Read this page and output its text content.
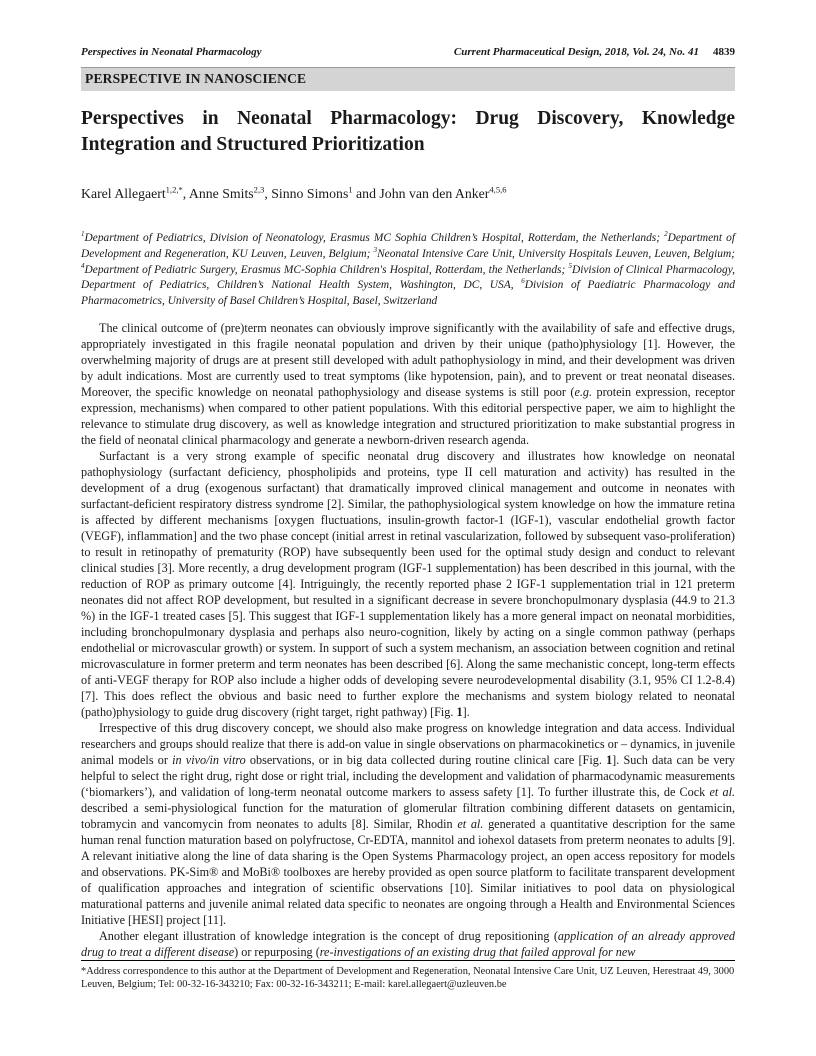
Perspectives in Neonatal Pharmacology	Current Pharmaceutical Design, 2018, Vol. 24, No. 41 4839
PERSPECTIVE IN NANOSCIENCE
Perspectives in Neonatal Pharmacology: Drug Discovery, Knowledge Integration and Structured Prioritization
Karel Allegaert$^{1,2,*}$, Anne Smits$^{2,3}$, Sinno Simons$^1$ and John van den Anker$^{4,5,6}$
$^1$Department of Pediatrics, Division of Neonatology, Erasmus MC Sophia Children’s Hospital, Rotterdam, the Netherlands; $^2$Department of Development and Regeneration, KU Leuven, Leuven, Belgium; $^3$Neonatal Intensive Care Unit, University Hospitals Leuven, Leuven, Belgium; $^4$Department of Pediatric Surgery, Erasmus MC-Sophia Children's Hospital, Rotterdam, the Netherlands; $^5$Division of Clinical Pharmacology, Department of Pediatrics, Children’s National Health System, Washington, DC, USA, $^6$Division of Paediatric Pharmacology and Pharmacometrics, University of Basel Children’s Hospital, Basel, Switzerland

The clinical outcome of (pre)term neonates can obviously improve significantly with the availability of safe and effective drugs, appropriately investigated in this fragile neonatal population and driven by their unique (patho)physiology [1]. However, the overwhelming majority of drugs are at present still developed with adult pathophysiology in mind, and their development was driven by adult indications. Most are currently used to treat symptoms (like hypotension, pain), and to prevent or treat neonatal diseases. Moreover, the specific knowledge on neonatal pathophysiology and disease systems is still poor (e.g. protein expression, receptor expression, mechanisms) when compared to other patient populations. With this editorial perspective paper, we aim to highlight the relevance to stimulate drug discovery, as well as knowledge integration and structured prioritization to make substantial progress in the field of neonatal clinical pharmacology and generate a newborn-driven research agenda.

Surfactant is a very strong example of specific neonatal drug discovery and illustrates how knowledge on neonatal pathophysiology (surfactant deficiency, phospholipids and proteins, type II cell maturation and activity) has resulted in the development of a drug (exogenous surfactant) that dramatically improved clinical management and outcome in neonates with surfactant-deficient respiratory distress syndrome [2]. Similar, the pathophysiological system knowledge on how the immature retina is affected by different mechanisms [oxygen fluctuations, insulin-growth factor-1 (IGF-1), vascular endothelial growth factor (VEGF), inflammation] and the two phase concept (initial arrest in retinal vascularization, followed by subsequent vaso-proliferation) to result in retinopathy of prematurity (ROP) have subsequently been used for the optimal study design and conduct to relevant clinical studies [3]. More recently, a drug development program (IGF-1 supplementation) has been described in this journal, with the reduction of ROP as primary outcome [4]. Intriguingly, the recently reported phase 2 IGF-1 supplementation trial in 121 preterm neonates did not affect ROP development, but resulted in a significant decrease in severe bronchopulmonary dysplasia (44.9 to 21.3 %) in the IGF-1 treated cases [5]. This suggest that IGF-1 supplementation likely has a more general impact on neonatal morbidities, including bronchopulmonary dysplasia and perhaps also neuro-cognition, likely by acting on a single common pathway (perhaps endothelial or microvascular growth) or system. In support of such a system mechanism, an association between cognition and retinal microvasculature in former preterm and term neonates has been described [6]. Along the same mechanistic concept, long-term effects of anti-VEGF therapy for ROP also include a higher odds of developing severe neurodevelopmental disability (3.1, 95% CI 1.2-8.4) [7]. This does reflect the obvious and basic need to further explore the mechanisms and system biology related to neonatal (patho)physiology to guide drug discovery (right target, right pathway) [Fig. 1].

Irrespective of this drug discovery concept, we should also make progress on knowledge integration and data access. Individual researchers and groups should realize that there is add-on value in single observations on pharmacokinetics or – dynamics, in juvenile animal models or in vivo/in vitro observations, or in big data collected during routine clinical care [Fig. 1]. Such data can be very helpful to select the right drug, right dose or right trial, including the development and validation of pharmacodynamic measurements (‘biomarkers’), and validation of long-term neonatal outcome markers to assess safety [1]. To further illustrate this, de Cock et al. described a semi-physiological function for the maturation of glomerular filtration combining different datasets on gentamicin, tobramycin and vancomycin from neonates to adults [8]. Similar, Rhodin et al. generated a quantitative description for the same human renal function maturation based on polyfructose, Cr-EDTA, mannitol and iohexol datasets from preterm neonates to adults [9]. A relevant initiative along the line of data sharing is the Open Systems Pharmacology project, an open access repository for models and observations. PK-Sim® and MoBi® toolboxes are hereby provided as open source platform to facilitate transparent development of qualification approaches and integration of scientific observations [10]. Similar initiatives to pool data on physiological maturational patterns and juvenile animal related data specific to neonates are ongoing through a Health and Environmental Sciences Initiative [HESI] project [11].

Another elegant illustration of knowledge integration is the concept of drug repositioning (application of an already approved drug to treat a different disease) or repurposing (re-investigations of an existing drug that failed approval for new

*Address correspondence to this author at the Department of Development and Regeneration, Neonatal Intensive Care Unit, UZ Leuven, Herestraat 49, 3000 Leuven, Belgium; Tel: 00-32-16-343210; Fax: 00-32-16-343211; E-mail: karel.allegaert@uzleuven.be
